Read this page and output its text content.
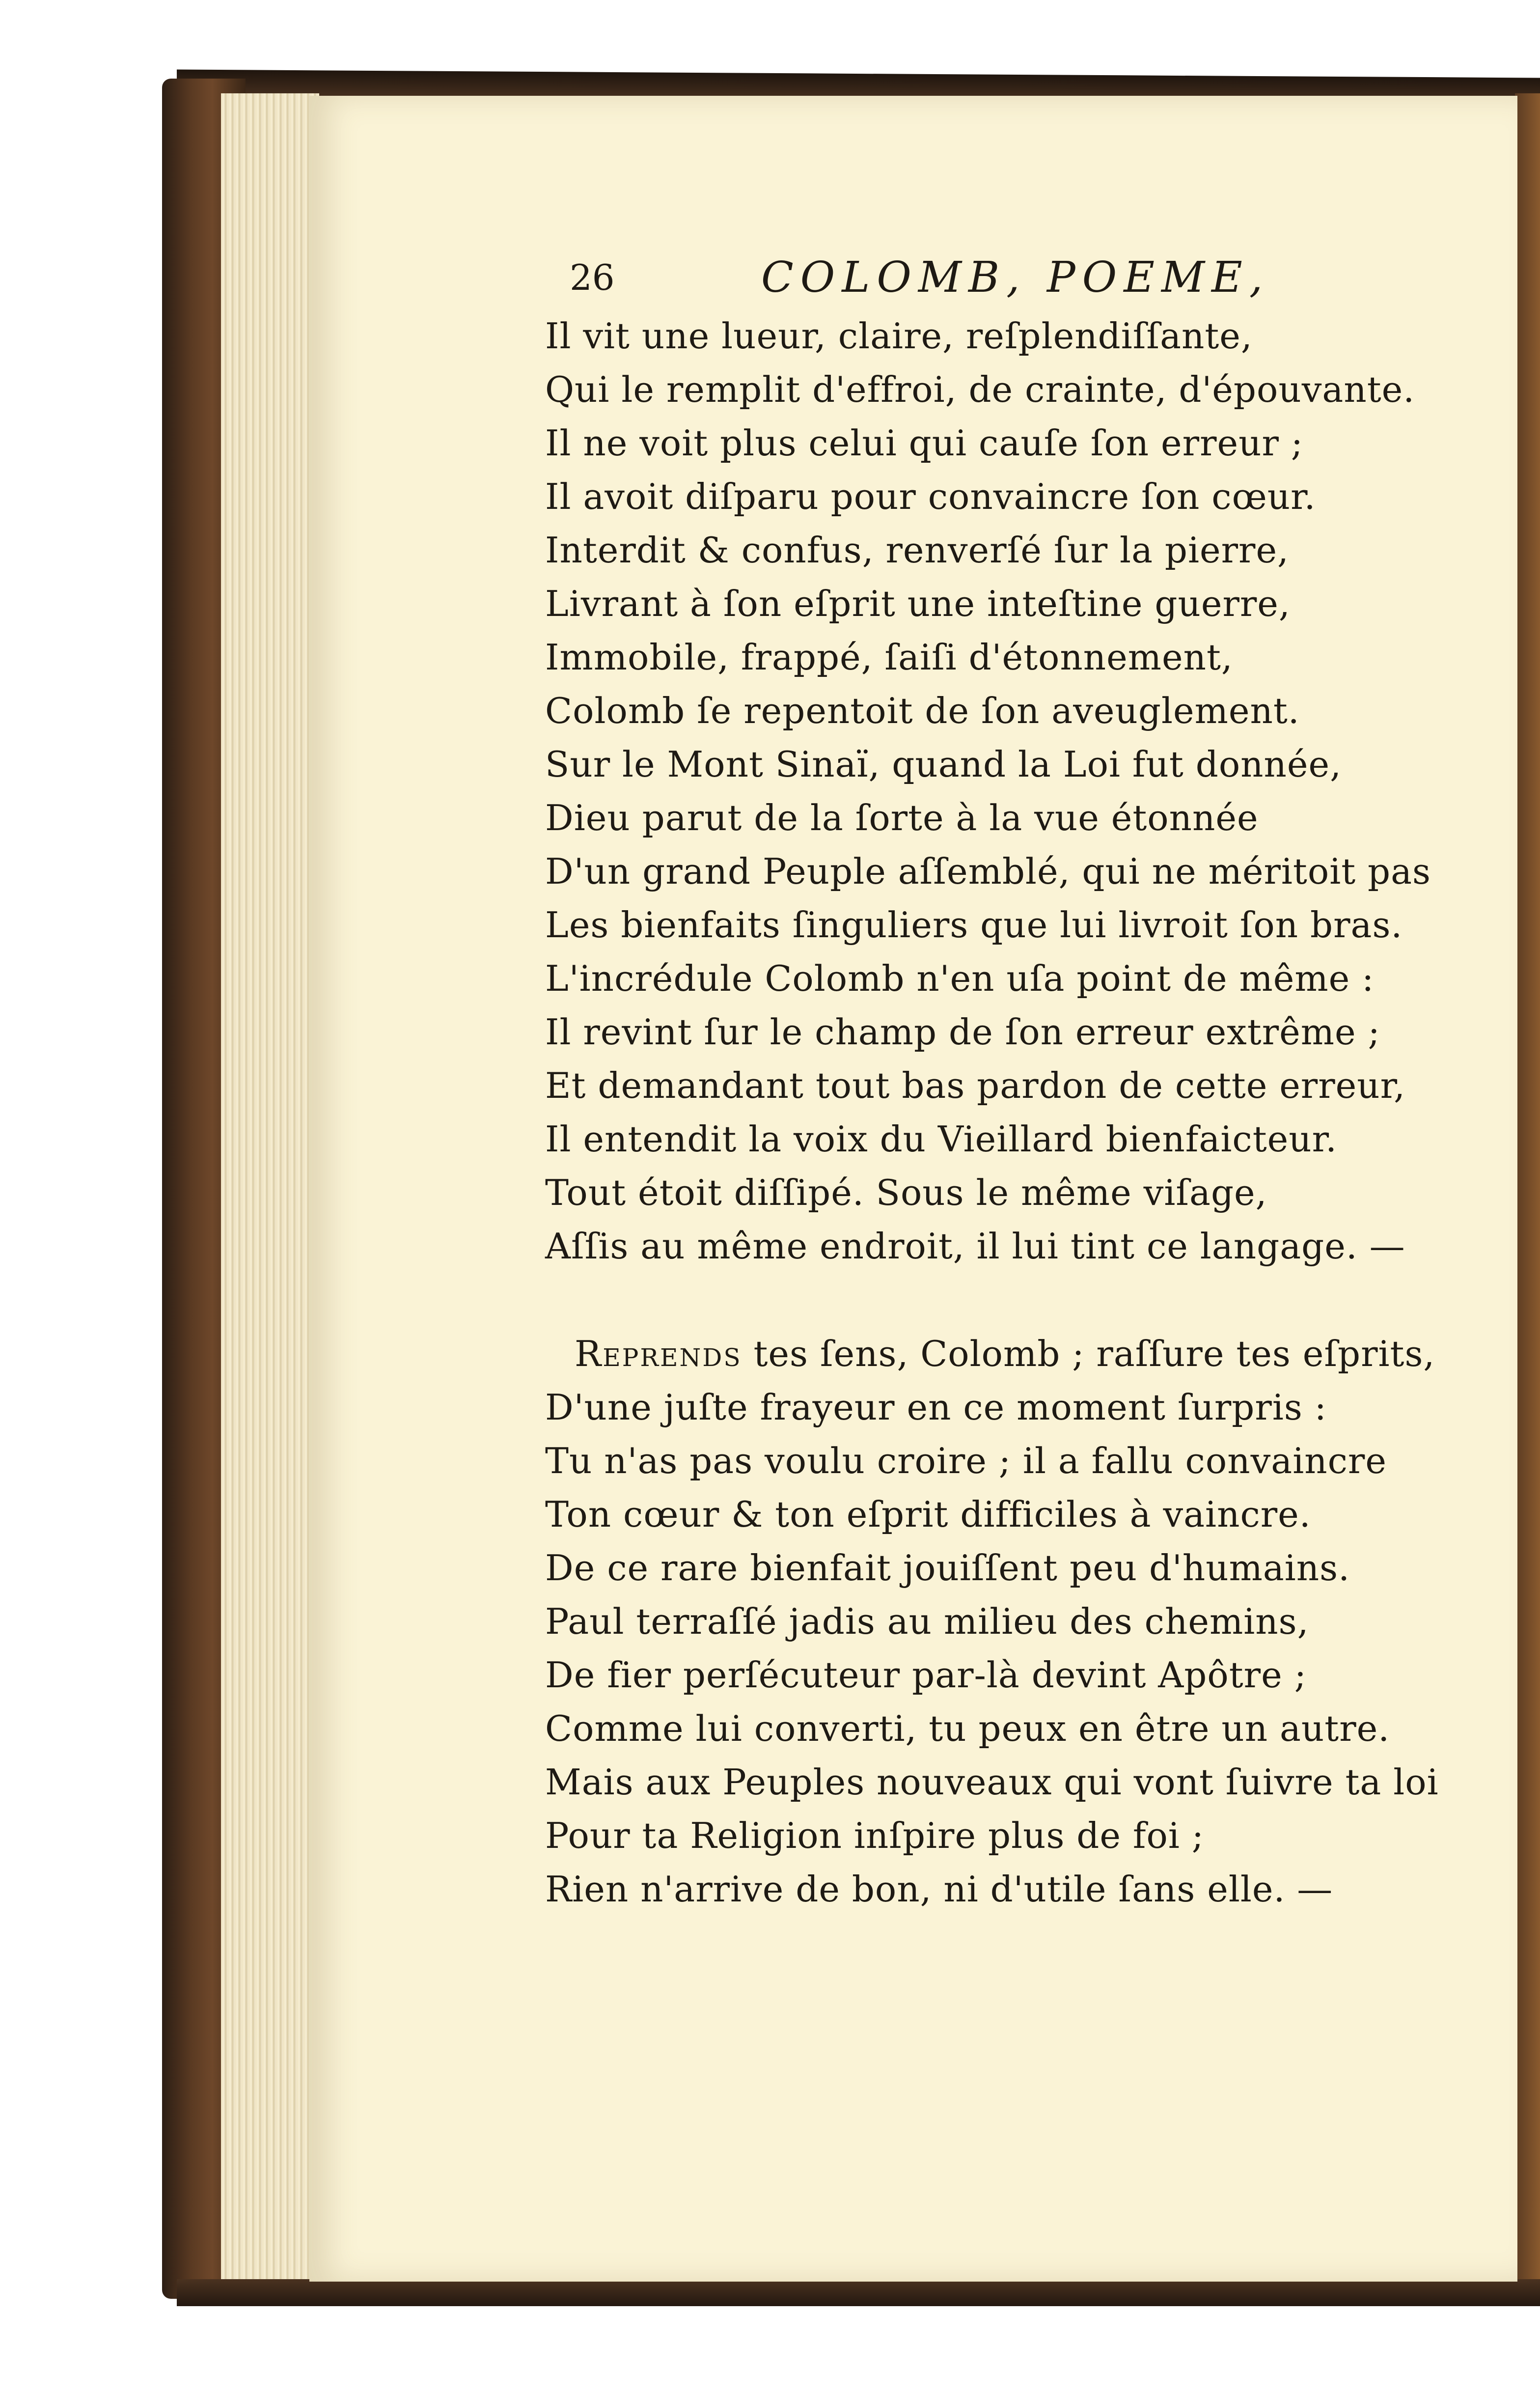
26	COLOMB, POEME,
Il vit une lueur, claire, reſplendiſſante,
Qui le remplit d'effroi, de crainte, d'épouvante.
Il ne voit plus celui qui cauſe ſon erreur ;
Il avoit diſparu pour convaincre ſon cœur.
Interdit & confus, renverſé ſur la pierre,
Livrant à ſon eſprit une inteſtine guerre,
Immobile, frappé, ſaiſi d'étonnement,
Colomb ſe repentoit de ſon aveuglement.
Sur le Mont Sinaï, quand la Loi fut donnée,
Dieu parut de la ſorte à la vue étonnée
D'un grand Peuple aſſemblé, qui ne méritoit pas
Les bienfaits ſinguliers que lui livroit ſon bras.
L'incrédule Colomb n'en uſa point de même :
Il revint ſur le champ de ſon erreur extrême ;
Et demandant tout bas pardon de cette erreur,
Il entendit la voix du Vieillard bienfaicteur.
Tout étoit diſſipé. Sous le même viſage,
Aſſis au même endroit, il lui tint ce langage. —
Reprends tes ſens, Colomb ; raſſure tes eſprits,
D'une juſte frayeur en ce moment ſurpris :
Tu n'as pas voulu croire ; il a fallu convaincre
Ton cœur & ton eſprit difficiles à vaincre.
De ce rare bienfait jouiſſent peu d'humains.
Paul terraſſé jadis au milieu des chemins,
De fier perſécuteur par-là devint Apôtre ;
Comme lui converti, tu peux en être un autre.
Mais aux Peuples nouveaux qui vont ſuivre ta loi
Pour ta Religion inſpire plus de foi ;
Rien n'arrive de bon, ni d'utile ſans elle. —
